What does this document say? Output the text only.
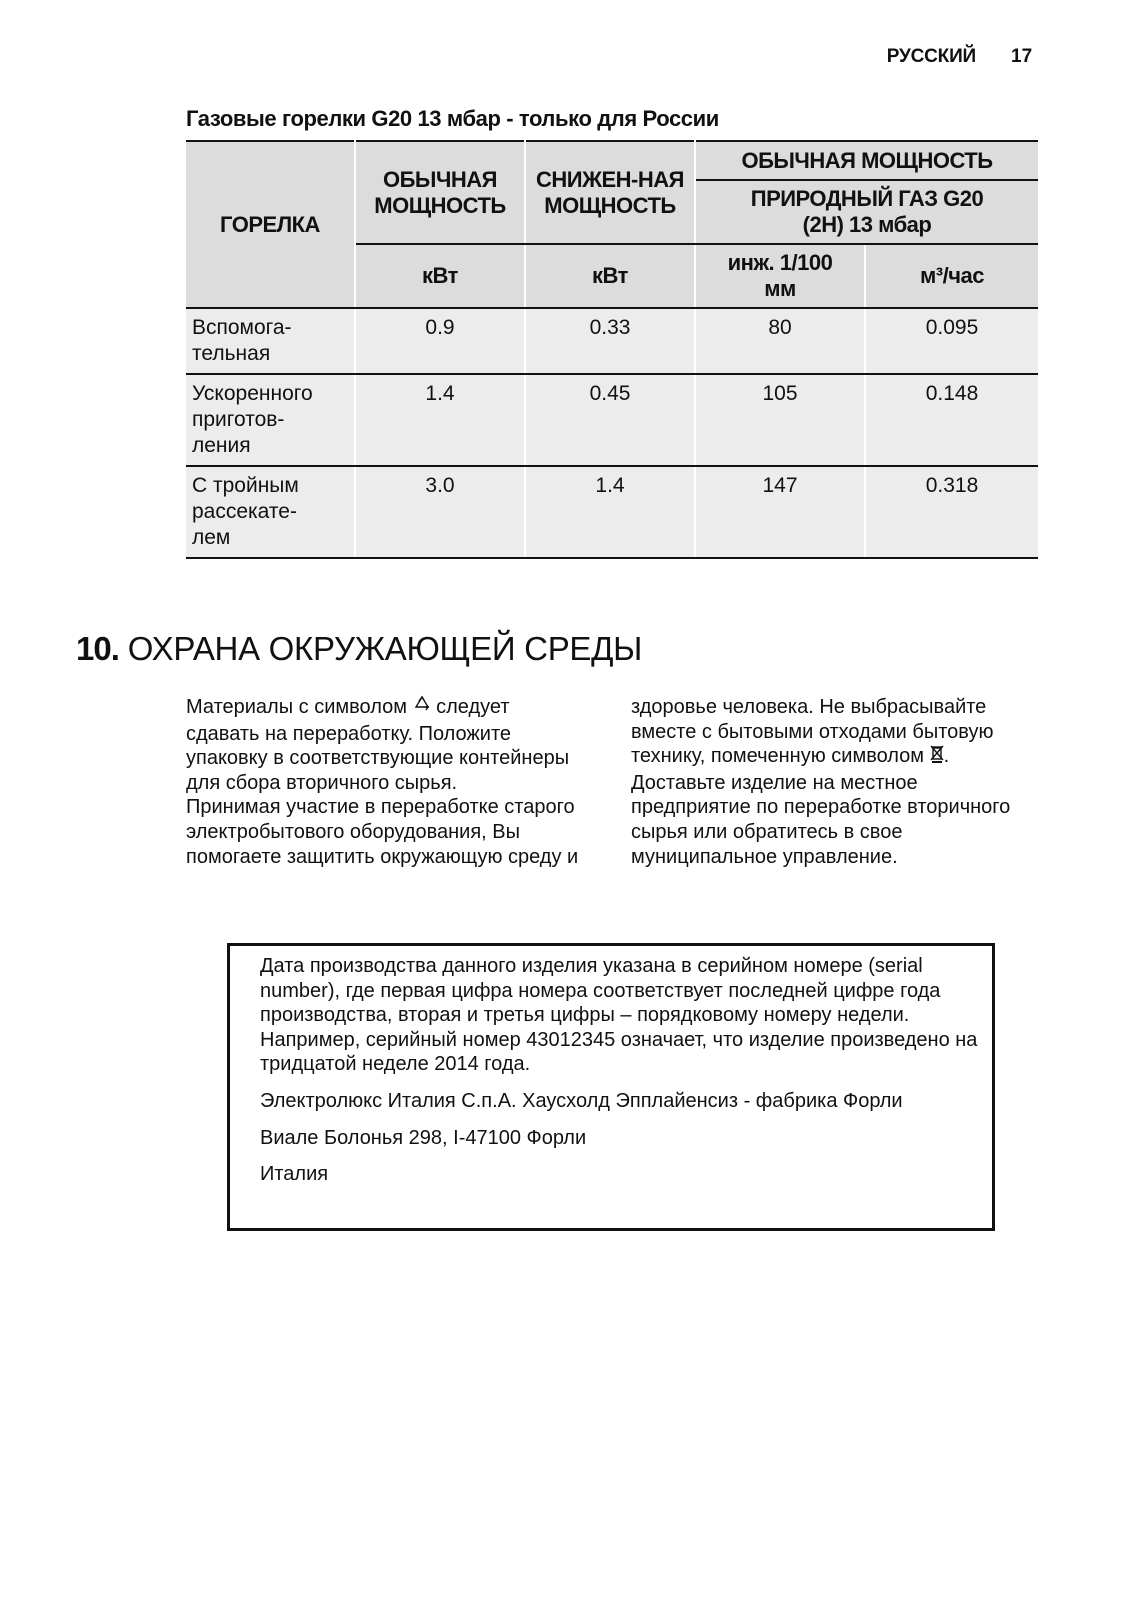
РУССКИЙ 17
Газовые горелки G20 13 мбар - только для России
ГОРЕЛКА	ОБЫЧНАЯ МОЩНОСТЬ	СНИЖЕН-НАЯ МОЩНОСТЬ	ОБЫЧНАЯ МОЩНОСТЬ	
			ПРИРОДНЫЙ ГАЗ G20 (2H) 13 мбар	
	кВт	кВт	инж. 1/100 мм	м³/час
Вспомога-тельная	0.9	0.33	80	0.095
Ускоренного приготов-ления	1.4	0.45	105	0.148
С тройным рассекате-лем	3.0	1.4	147	0.318
10. ОХРАНА ОКРУЖАЮЩЕЙ СРЕДЫ

Материалы с символом следует сдавать на переработку. Положите упаковку в соответствующие контейнеры для сбора вторичного сырья.

Принимая участие в переработке старого электробытового оборудования, Вы помогаете защитить окружающую среду и

здоровье человека. Не выбрасывайте вместе с бытовыми отходами бытовую технику, помеченную символом .

Доставьте изделие на местное предприятие по переработке вторичного сырья или обратитесь в свое муниципальное управление.

Дата производства данного изделия указана в серийном номере (serial number), где первая цифра номера соответствует последней цифре года производства, вторая и третья цифры – порядковому номеру недели. Например, серийный номер 43012345 означает, что изделие произведено на тридцатой неделе 2014 года.

Электролюкс Италия С.п.А. Хаусхолд Эпплайенсиз - фабрика Форли

Виале Болонья 298, I-47100 Форли

Италия
